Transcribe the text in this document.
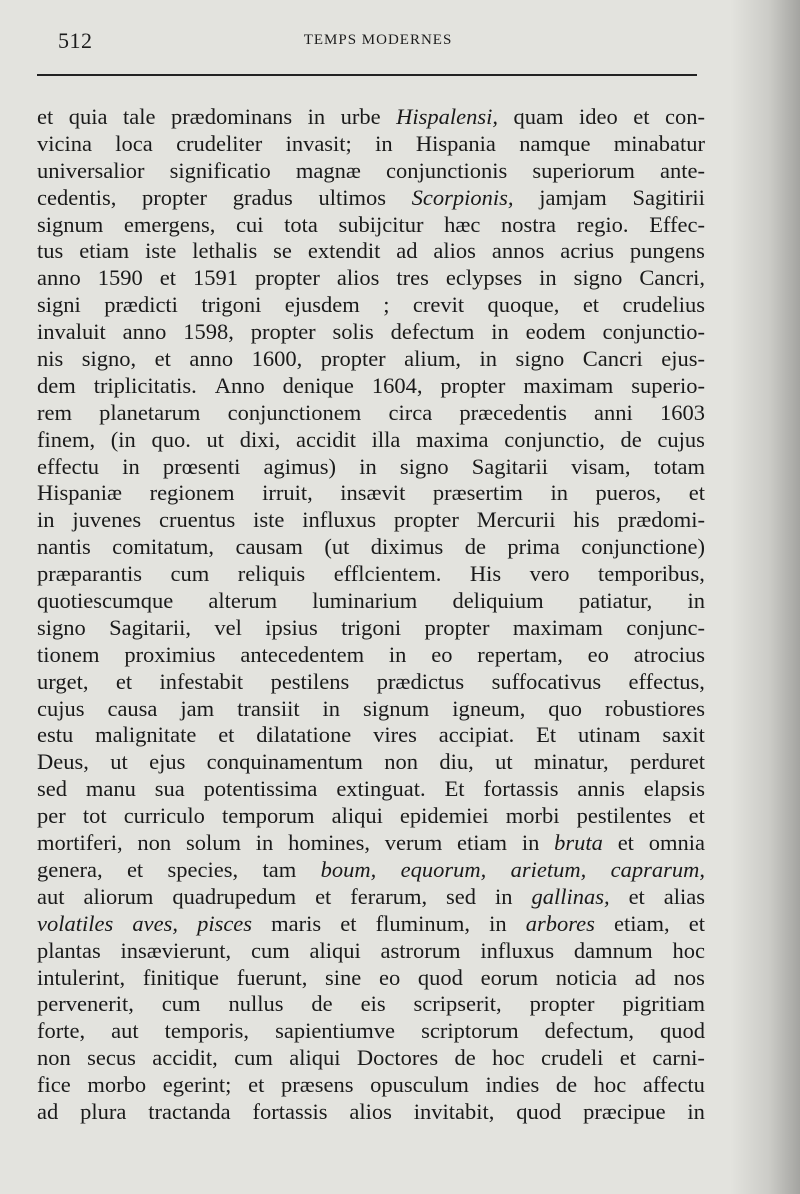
512	TEMPS MODERNES
et quia tale prædominans in urbe Hispalensi, quam ideo et con-
vicina loca crudeliter invasit; in Hispania namque minabatur
universalior significatio magnæ conjunctionis superiorum ante-
cedentis, propter gradus ultimos Scorpionis, jamjam Sagitirii
signum emergens, cui tota subijcitur hæc nostra regio. Effec-
tus etiam iste lethalis se extendit ad alios annos acrius pungens
anno 1590 et 1591 propter alios tres eclypses in signo Cancri,
signi prædicti trigoni ejusdem ; crevit quoque, et crudelius
invaluit anno 1598, propter solis defectum in eodem conjunctio-
nis signo, et anno 1600, propter alium, in signo Cancri ejus-
dem triplicitatis. Anno denique 1604, propter maximam superio-
rem planetarum conjunctionem circa præcedentis anni 1603
finem, (in quo. ut dixi, accidit illa maxima conjunctio, de cujus
effectu in prœsenti agimus) in signo Sagitarii visam, totam
Hispaniæ regionem irruit, insævit præsertim in pueros, et
in juvenes cruentus iste influxus propter Mercurii his prædomi-
nantis comitatum, causam (ut diximus de prima conjunctione)
præparantis cum reliquis efflcientem. His vero temporibus,
quotiescumque alterum luminarium deliquium patiatur, in
signo Sagitarii, vel ipsius trigoni propter maximam conjunc-
tionem proximius antecedentem in eo repertam, eo atrocius
urget, et infestabit pestilens prædictus suffocativus effectus,
cujus causa jam transiit in signum igneum, quo robustiores
estu malignitate et dilatatione vires accipiat. Et utinam saxit
Deus, ut ejus conquinamentum non diu, ut minatur, perduret
sed manu sua potentissima extinguat. Et fortassis annis elapsis
per tot curriculo temporum aliqui epidemiei morbi pestilentes et
mortiferi, non solum in homines, verum etiam in bruta et omnia
genera, et species, tam boum, equorum, arietum, caprarum,
aut aliorum quadrupedum et ferarum, sed in gallinas, et alias
volatiles aves, pisces maris et fluminum, in arbores etiam, et
plantas insævierunt, cum aliqui astrorum influxus damnum hoc
intulerint, finitique fuerunt, sine eo quod eorum noticia ad nos
pervenerit, cum nullus de eis scripserit, propter pigritiam
forte, aut temporis, sapientiumve scriptorum defectum, quod
non secus accidit, cum aliqui Doctores de hoc crudeli et carni-
fice morbo egerint; et præsens opusculum indies de hoc affectu
ad plura tractanda fortassis alios invitabit, quod præcipue in
